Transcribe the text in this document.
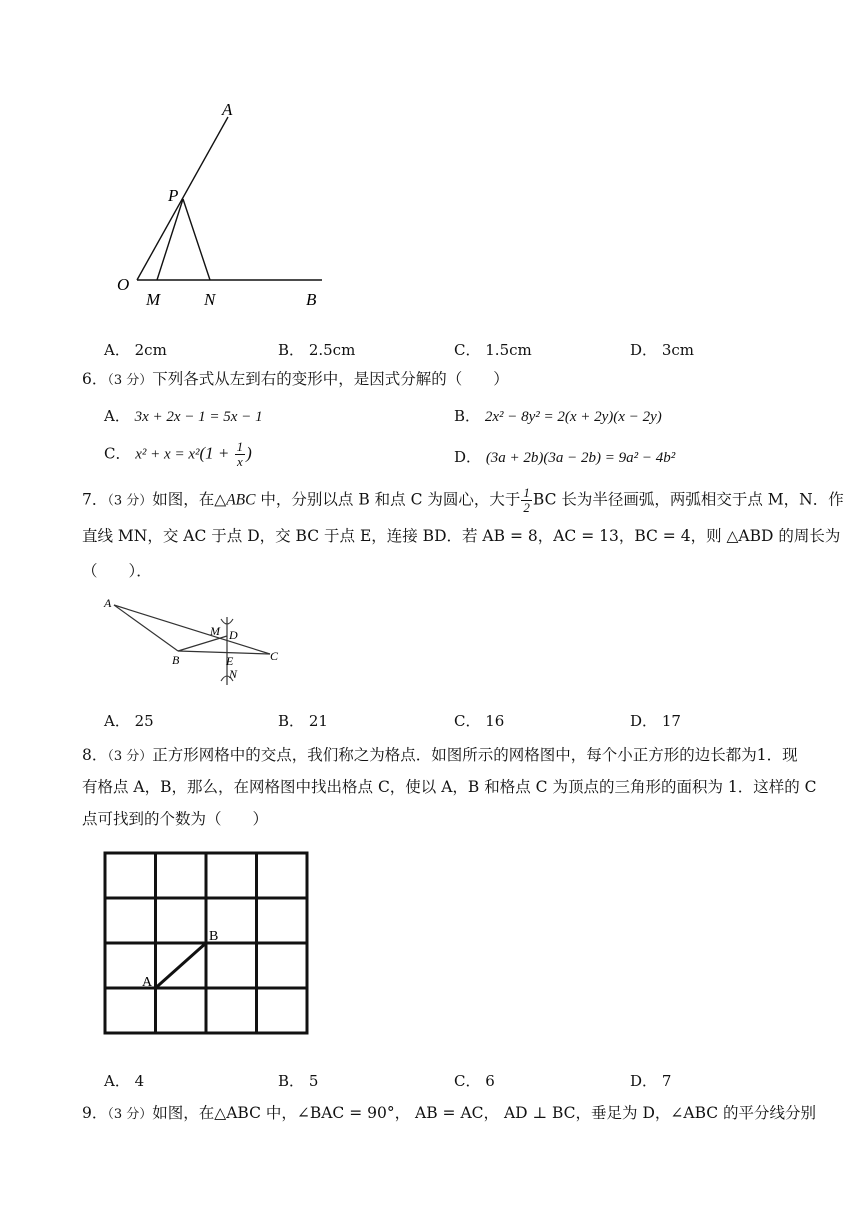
A
P
O
M	N	B
A． 2cm	B． 2.5cm	C． 1.5cm	D． 3cm
6．（3 分）下列各式从左到右的变形中，是因式分解的（　　）
A． 3x + 2x − 1 = 5x − 1	B． 2x² − 8y² = 2(x + 2y)(x − 2y)
C． $x^2 + x = x^2(1 + \frac{1}{x}$ )	D． (3a + 2b)(3a − 2b) = 9a² − 4b²
7．（3 分）如图，在△ABC 中，分别以点 B 和点 C 为圆心，大于 $\frac{1}{2}$ BC 长为半径画弧，两弧相交于点 M，N．作
直线 MN，交 AC 于点 D，交 BC 于点 E，连接 BD．若 AB = 8，AC = 13，BC = 4，则 △ABD 的周长为
（　　）．
A
M D
B	E	C
N
A． 25	B． 21	C． 16	D． 17
8．（3 分）正方形网格中的交点，我们称之为格点．如图所示的网格图中，每个小正方形的边长都为1．现
有格点 A，B，那么，在网格图中找出格点 C，使以 A，B 和格点 C 为顶点的三角形的面积为 1．这样的 C
点可找到的个数为（　　）
A
B
A． 4	B． 5	C． 6	D． 7
9．（3 分）如图，在△ABC 中，∠BAC = 90°， AB = AC， AD ⊥ BC，垂足为 D，∠ABC 的平分线分别
